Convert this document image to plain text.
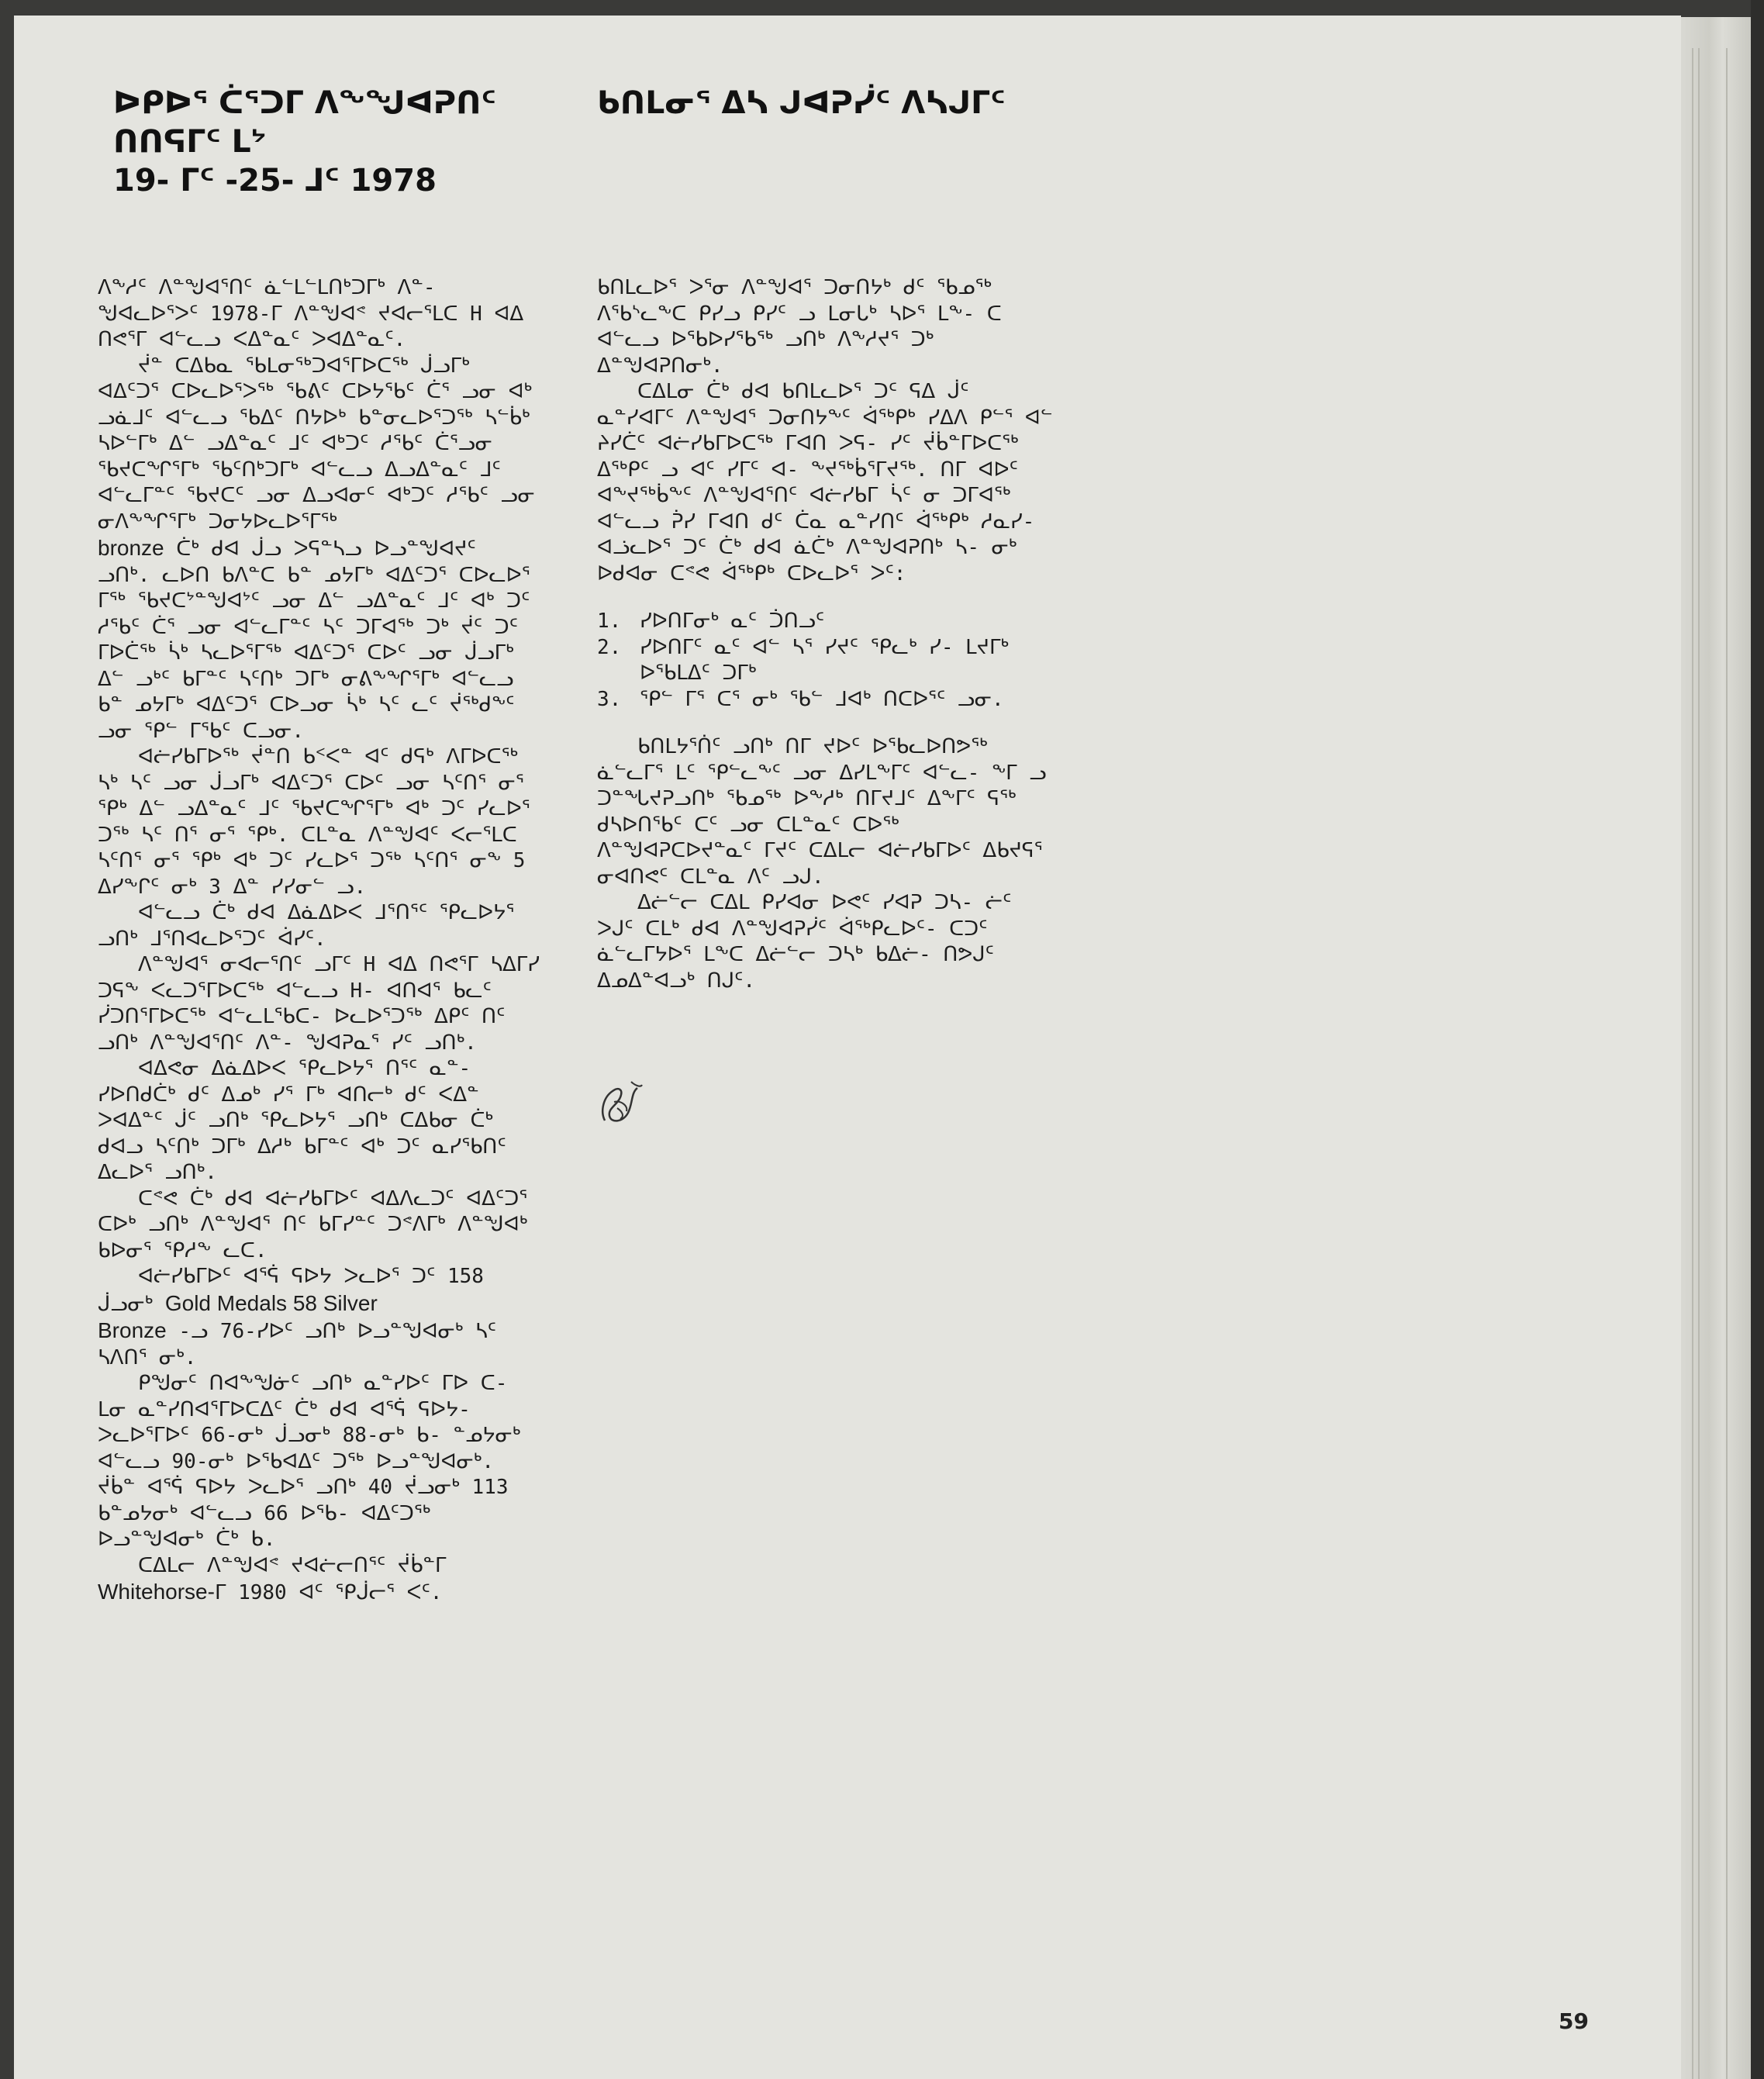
ᐅᑭᐅᕐ ᑖᕐᑐᒥ ᐱᖕᖑᐊᕈᑎᑦ
ᑎᑎᕋᒥᑦ ᒪᔾ
19- ᒥᑦ -25- ᒧᑦ 1978
ᑲᑎᒪᓂᕐ ᐃᓴ ᒍᐊᕈᓰᑦ ᐱᓴᒍᒥᑦ

ᐱᖕᓱᑦ ᐱᓐᖑᐊᕐᑎᑦ ᓈᓪᒪᓪᒪᑎᒃᑐᒥᒃ ᐱᓐ- ᖑᐊᓚᐅᕐᐳᑦ 1978-ᒥ ᐱᓐᖑᐊᕝ ᔪᐊᓕᕐᒪᑕ H ᐊᐃ ᑎᕙᕐᒥ ᐊᓪᓚᓗ ᐸᐃᓐᓇᑦ ᐳᐊᐃᓐᓇᑦ.

ᔫᓐ ᑕᐃᑲᓇ ᖃᒪᓂᖅᑐᐊᕐᒥᐅᑕᖅ ᒎᓗᒥᒃ ᐊᐃᑦᑐᕐ ᑕᐅᓚᐅᕐᐳᖅ ᖃᕕᑦ ᑕᐅᔭᖃᑦ ᑖᕐ ᓗᓂ ᐊᒃ ᓗᓈᒧᑦ ᐊᓪᓚᓗ ᖃᐃᑦ ᑎᔭᐅᒃ ᑲᓐᓂᓚᐅᕐᑐᖅ ᓴᓪᑳᒃ ᓴᐅᓪᒥᒃ ᐃᓪ ᓗᐃᓐᓇᑦ ᒧᑦ ᐊᒃᑐᑦ ᓱᖃᑦ ᑖᕐᓗᓂ ᖃᔪᑕᖏᕐᒥᒃ ᖃᑦᑎᒃᑐᒥᒃ ᐊᓪᓚᓗ ᐃᓗᐃᓐᓇᑦ ᒧᑦ ᐊᓪᓚᒥᓐᑦ ᖃᔪᑕᑦ ᓗᓂ ᐃᓗᐊᓂᑦ ᐊᒃᑐᑦ ᓱᖃᑦ ᓗᓂ ᓂᐱᖕᖏᕐᒥᒃ ᑐᓂᔭᐅᓚᐅᕐᒥᖅ

bronze ᑖᒃ ᑯᐊ ᒎᓗ ᐳᕋᓐᓴᓗ ᐅᓗᓐᖑᐊᔪᑦ ᓗᑎᒃ. ᓚᐅᑎ ᑲᐱᓐᑕ ᑲᓐ ᓄᔭᒥᒃ ᐊᐃᑦᑐᕐ ᑕᐅᓚᐅᕐ ᒥᖅ ᖃᔪᑕᔾᓐᖑᐊᔾᑦ ᓗᓂ ᐃᓪ ᓗᐃᓐᓇᑦ ᒧᑦ ᐊᒃ ᑐᑦ ᓱᖃᑦ ᑖᕐ ᓗᓂ ᐊᓪᓚᒥᓐᑦ ᓴᑦ ᑐᒥᐊᖅ ᑐᒃ ᔫᑦ ᑐᑦ ᒥᐅᑖᖅ ᓵᒃ ᓴᓚᐅᕐᒥᖅ ᐊᐃᑦᑐᕐ ᑕᐅᑦ ᓗᓂ ᒎᓗᒥᒃ ᐃᓪ ᓗᒃᑦ ᑲᒥᓐᑦ ᓴᑦᑎᒃ ᑐᒥᒃ ᓂᕕᖕᖏᕐᒥᒃ ᐊᓪᓚᓗ ᑲᓐ ᓄᔭᒥᒃ ᐊᐃᑦᑐᕐ ᑕᐅᓗᓂ ᓵᒃ ᓴᑦ ᓚᑦ ᔫᖅᑯᖕᑦ ᓗᓂ ᕿᓪ ᒥᖃᑦ ᑕᓗᓂ.

ᐊᓖᓯᑲᒥᐅᖅ ᔫᓐᑎ ᑲᑉᐸᓐ ᐊᑦ ᑯᕋᒃ ᐱᒥᐅᑕᖅ ᓴᒃ ᓴᑦ ᓗᓂ ᒎᓗᒥᒃ ᐊᐃᑦᑐᕐ ᑕᐅᑦ ᓗᓂ ᓴᑦᑎᕐ ᓂᕐ ᕿᒃ ᐃᓪ ᓗᐃᓐᓇᑦ ᒧᑦ ᖃᔪᑕᖏᕐᒥᒃ ᐊᒃ ᑐᑦ ᓯᓚᐅᕐ ᑐᖅ ᓴᑦ ᑎᕐ ᓂᕐ ᕿᒃ. ᑕᒪᓐᓇ ᐱᓐᖑᐊᑦ ᐸᓕᕐᒪᑕ ᓴᑦᑎᕐ ᓂᕐ ᕿᒃ ᐊᒃ ᑐᑦ ᓯᓚᐅᕐ ᑐᖅ ᓴᑦᑎᕐ ᓂᖕ 5 ᐃᓯᖕᒋᑦ ᓂᒃ 3 ᐃᓐ ᓯᓯᓂᓪ ᓗ.

ᐊᓪᓚᓗ ᑖᒃ ᑯᐊ ᐃᓈᐃᐅᐸ ᒧᕐᑎᕐᑦ ᕿᓚᐅᔭᕐ ᓗᑎᒃ ᒧᕐᑎᐊᓚᐅᕐᑐᑦ ᐋᓯᑦ.

ᐱᓐᖑᐊᕐ ᓂᐊᓕᕐᑎᑦ ᓗᒥᑦ H ᐊᐃ ᑎᕙᕐᒥ ᓴᐃᒥᓯ ᑐᕋᖕ ᐸᓚᑐᕐᒥᐅᑕᖅ ᐊᓪᓚᓗ H- ᐊᑎᐊᕐ ᑲᓚᑦ ᓰᑐᑎᕐᒥᐅᑕᖅ ᐊᓪᓚᒪᖃᑕ- ᐅᓚᐅᕐᑐᖅ ᐃᑭᑦ ᑎᑦ ᓗᑎᒃ ᐱᓐᖑᐊᕐᑎᑦ ᐱᓐ- ᖑᐊᕈᓇᕐ ᓯᑦ ᓗᑎᒃ.

ᐊᐃᕙᓂ ᐃᓈᐃᐅᐸ ᕿᓚᐅᔭᕐ ᑎᕐᑦ ᓇᓐ- ᓯᐅᑎᑯᑖᒃ ᑯᑦ ᐃᓄᒃ ᓯᕐ ᒥᒃ ᐊᑎᓕᒃ ᑯᑦ ᐸᐃᓐ ᐳᐊᐃᓐᑦ ᒎᑦ ᓗᑎᒃ ᕿᓚᐅᔭᕐ ᓗᑎᒃ ᑕᐃᑲᓂ ᑖᒃ ᑯᐊᓗ ᓴᑦᑎᒃ ᑐᒥᒃ ᐃᓱᒃ ᑲᒥᓐᑦ ᐊᒃ ᑐᑦ ᓇᓯᖃᑎᑦ ᐃᓚᐅᕐ ᓗᑎᒃ.

ᑕᕝᕙ ᑖᒃ ᑯᐊ ᐊᓖᓯᑲᒥᐅᑦ ᐊᐃᐱᓚᑐᑦ ᐊᐃᑦᑐᕐ ᑕᐅᒃ ᓗᑎᒃ ᐱᓐᖑᐊᕐ ᑎᑦ ᑲᒥᓯᓐᑦ ᑐᕝᐱᒥᒃ ᐱᓐᖑᐊᒃ ᑲᐅᓂᕐ ᕿᓱᖕ ᓚᑕ.

ᐊᓖᓯᑲᒥᐅᑦ ᐊᕐᕌ ᕋᐅᔭ ᐳᓚᐅᕐ ᑐᑦ 158

ᒎᓗᓂᒃ Gold Medals 58 Silver

Bronze -ᓗ 76-ᓯᐅᑦ ᓗᑎᒃ ᐅᓗᓐᖑᐊᓂᒃ ᓴᑦ ᓴᐱᑎᕐ ᓂᒃ.

ᑭᖑᓂᑦ ᑎᐊᖕᖑᓃᑦ ᓗᑎᒃ ᓇᓐᓯᐅᑦ ᒥᐅ ᑕ- ᒪᓂ ᓇᓐᓯᑎᐊᕐᒥᐅᑕᐃᑦ ᑖᒃ ᑯᐊ ᐊᕐᕌ ᕋᐅᔭ- ᐳᓚᐅᕐᒥᐅᑦ 66-ᓂᒃ ᒎᓗᓂᒃ 88-ᓂᒃ ᑲ- ᓐᓄᔭᓂᒃ ᐊᓪᓚᓗ 90-ᓂᒃ ᐅᖃᐊᐃᑦ ᑐᖅ ᐅᓗᓐᖑᐊᓂᒃ. ᔫᑳᓐ ᐊᕐᕌ ᕋᐅᔭ ᐳᓚᐅᕐ ᓗᑎᒃ 40 ᔫᓗᓂᒃ 113 ᑲᓐᓄᔭᓂᒃ ᐊᓪᓚᓗ 66 ᐅᖃ- ᐊᐃᑦᑐᖅ ᐅᓗᓐᖑᐊᓂᒃ ᑖᒃ ᑲ.

ᑕᐃᒪᓕ ᐱᓐᖑᐊᕝ ᔪᐊᓖᓕᑎᕐᑦ ᔫᑳᓐᒥ

Whitehorse-ᒥ 1980 ᐊᑦ ᕿᒎᓕᕐ ᐸᑦ.

ᑲᑎᒪᓚᐅᕐ ᐳᕐᓂ ᐱᓐᖑᐊᕐ ᑐᓂᑎᔭᒃ ᑯᑦ ᖃᓄᖅ ᐱᖃᔅᓚᖕᑕ ᑭᓯᓗ ᑭᓯᑦ ᓗ ᒪᓂᒐᒃ ᓴᐅᕐ ᒪᖕ- ᑕ ᐊᓪᓚᓗ ᐅᖃᐅᓯᖃᖅ ᓗᑎᒃ ᐱᖕᓱᔪᕐ ᑐᒃ ᐃᓐᖑᐊᕈᑎᓂᒃ.

ᑕᐃᒪᓂ ᑖᒃ ᑯᐊ ᑲᑎᒪᓚᐅᕐ ᑐᑦ ᕋᐃ ᒎᑦ ᓇᓐᓯᐊᒥᑦ ᐱᓐᖑᐊᕐ ᑐᓂᑎᔭᖕᑦ ᐋᖅᑭᒃ ᓯᐃᐱ ᑭᓪᕐ ᐊᓪ ᔨᓯᑖᑦ ᐊᓖᓯᑲᒥᐅᑕᖅ ᒥᐊᑎ ᐳᕋ- ᓯᑦ ᔫᑳᓐᒥᐅᑕᖅ ᐃᖅᑭᑦ ᓗ ᐊᑦ ᓯᒥᑦ ᐊ- ᖕᔪᖅᑳᕐᒥᔪᖅ. ᑎᒥ ᐊᐅᑦ ᐊᖕᔪᖅᑳᖕᑦ ᐱᓐᖑᐊᕐᑎᑦ ᐊᓖᓯᑲᒥ ᓵᑦ ᓂ ᑐᒥᐊᖅ ᐊᓪᓚᓗ ᕉᓯ ᒥᐊᑎ ᑯᑦ ᑖᓇ ᓇᓐᓯᑎᑦ ᐋᖅᑭᒃ ᓱᓇᓯ- ᐊᓘᓚᐅᕐ ᑐᑦ ᑖᒃ ᑯᐊ ᓈᑖᒃ ᐱᓐᖑᐊᕈᑎᒃ ᓴ- ᓂᒃ ᐅᑯᐊᓂ ᑕᕝᕙ ᐋᖅᑭᒃ ᑕᐅᓚᐅᕐ ᐳᑦ:

1. ᓯᐅᑎᒥᓂᒃ ᓇᑦ ᑑᑎᓗᑦ
2. ᓯᐅᑎᒥᑦ ᓇᑦ ᐊᓪ ᓴᕐ ᓯᔪᑦ ᕿᓚᒃ ᓯ- ᒪᔪᒥᒃ ᐅᖃᒪᐃᑦ ᑐᒥᒃ
3. ᕿᓪ ᒥᕐ ᑕᕐ ᓂᒃ ᖃᓪ ᒧᐊᒃ ᑎᑕᐅᕐᑦ ᓗᓂ.

ᑲᑎᒪᔭᕐᑏᑦ ᓗᑎᒃ ᑎᒥ ᔪᐅᑦ ᐅᖃᓚᐅᑎᕗᖅ ᓈᓪᓚᒥᕐ ᒪᑦ ᕿᓪᓚᖕᑦ ᓗᓂ ᐃᓯᒪᖕᒥᑦ ᐊᓪᓚ- ᖕᒥ ᓗ ᑐᓐᖓᔪᕈᓗᑎᒃ ᖃᓄᖅ ᐅᖕᓱᒃ ᑎᒥᔪᒧᑦ ᐃᖕᒥᑦ ᕋᖅ ᑯᓴᐅᑎᖃᑦ ᑕᑦ ᓗᓂ ᑕᒪᓐᓇᑦ ᑕᐅᖅ ᐱᓐᖑᐊᕈᑕᐅᔪᓐᓇᑦ ᒥᔪᑦ ᑕᐃᒪᓕ ᐊᓖᓯᑲᒥᐅᑦ ᐃᑲᔪᕋᕐ ᓂᐊᑎᕙᑦ ᑕᒪᓐᓇ ᐱᑦ ᓗᒍ.

ᐃᓖᓪᓕ ᑕᐃᒪ ᑭᓯᐊᓂ ᐅᕙᑦ ᓯᐊᕈ ᑐᓴ- ᓖᑦ ᐳᒍᑦ ᑕᒪᒃ ᑯᐊ ᐱᓐᖑᐊᕈᓰᑦ ᐋᖅᑭᓚᐅᑦ- ᑕᑐᑦ ᓈᓪᓚᒥᔭᐅᕐ ᒪᖕᑕ ᐃᓖᓪᓕ ᑐᓴᒃ ᑲᐃᓖ- ᑎᕗᒍᑦ ᐃᓄᐃᓐᐊᓗᒃ ᑎᒍᑦ.

59
